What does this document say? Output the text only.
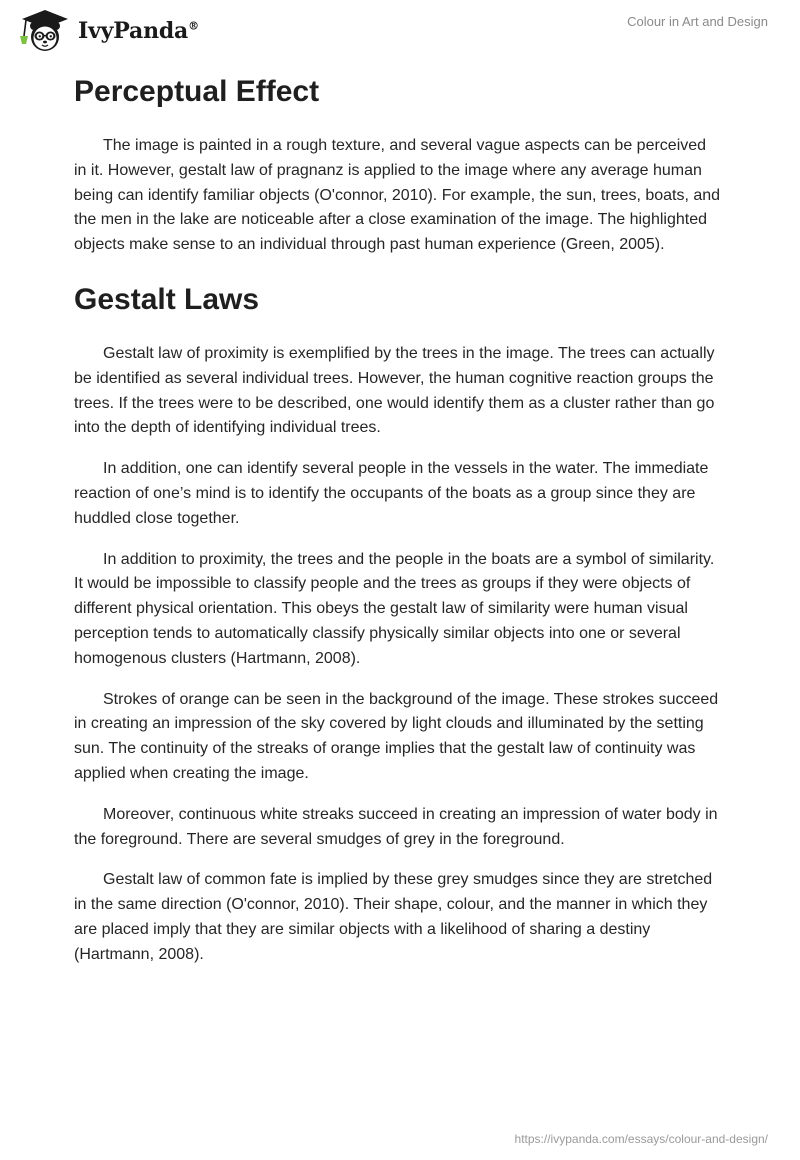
IvyPanda®	Colour in Art and Design
Perceptual Effect

The image is painted in a rough texture, and several vague aspects can be perceived in it. However, gestalt law of pragnanz is applied to the image where any average human being can identify familiar objects (O'connor, 2010). For example, the sun, trees, boats, and the men in the lake are noticeable after a close examination of the image. The highlighted objects make sense to an individual through past human experience (Green, 2005).

Gestalt Laws

Gestalt law of proximity is exemplified by the trees in the image. The trees can actually be identified as several individual trees. However, the human cognitive reaction groups the trees. If the trees were to be described, one would identify them as a cluster rather than go into the depth of identifying individual trees.

In addition, one can identify several people in the vessels in the water. The immediate reaction of one’s mind is to identify the occupants of the boats as a group since they are huddled close together.

In addition to proximity, the trees and the people in the boats are a symbol of similarity. It would be impossible to classify people and the trees as groups if they were objects of different physical orientation. This obeys the gestalt law of similarity were human visual perception tends to automatically classify physically similar objects into one or several homogenous clusters (Hartmann, 2008).

Strokes of orange can be seen in the background of the image. These strokes succeed in creating an impression of the sky covered by light clouds and illuminated by the setting sun. The continuity of the streaks of orange implies that the gestalt law of continuity was applied when creating the image.

Moreover, continuous white streaks succeed in creating an impression of water body in the foreground. There are several smudges of grey in the foreground.

Gestalt law of common fate is implied by these grey smudges since they are stretched in the same direction (O'connor, 2010). Their shape, colour, and the manner in which they are placed imply that they are similar objects with a likelihood of sharing a destiny (Hartmann, 2008).

https://ivypanda.com/essays/colour-and-design/
